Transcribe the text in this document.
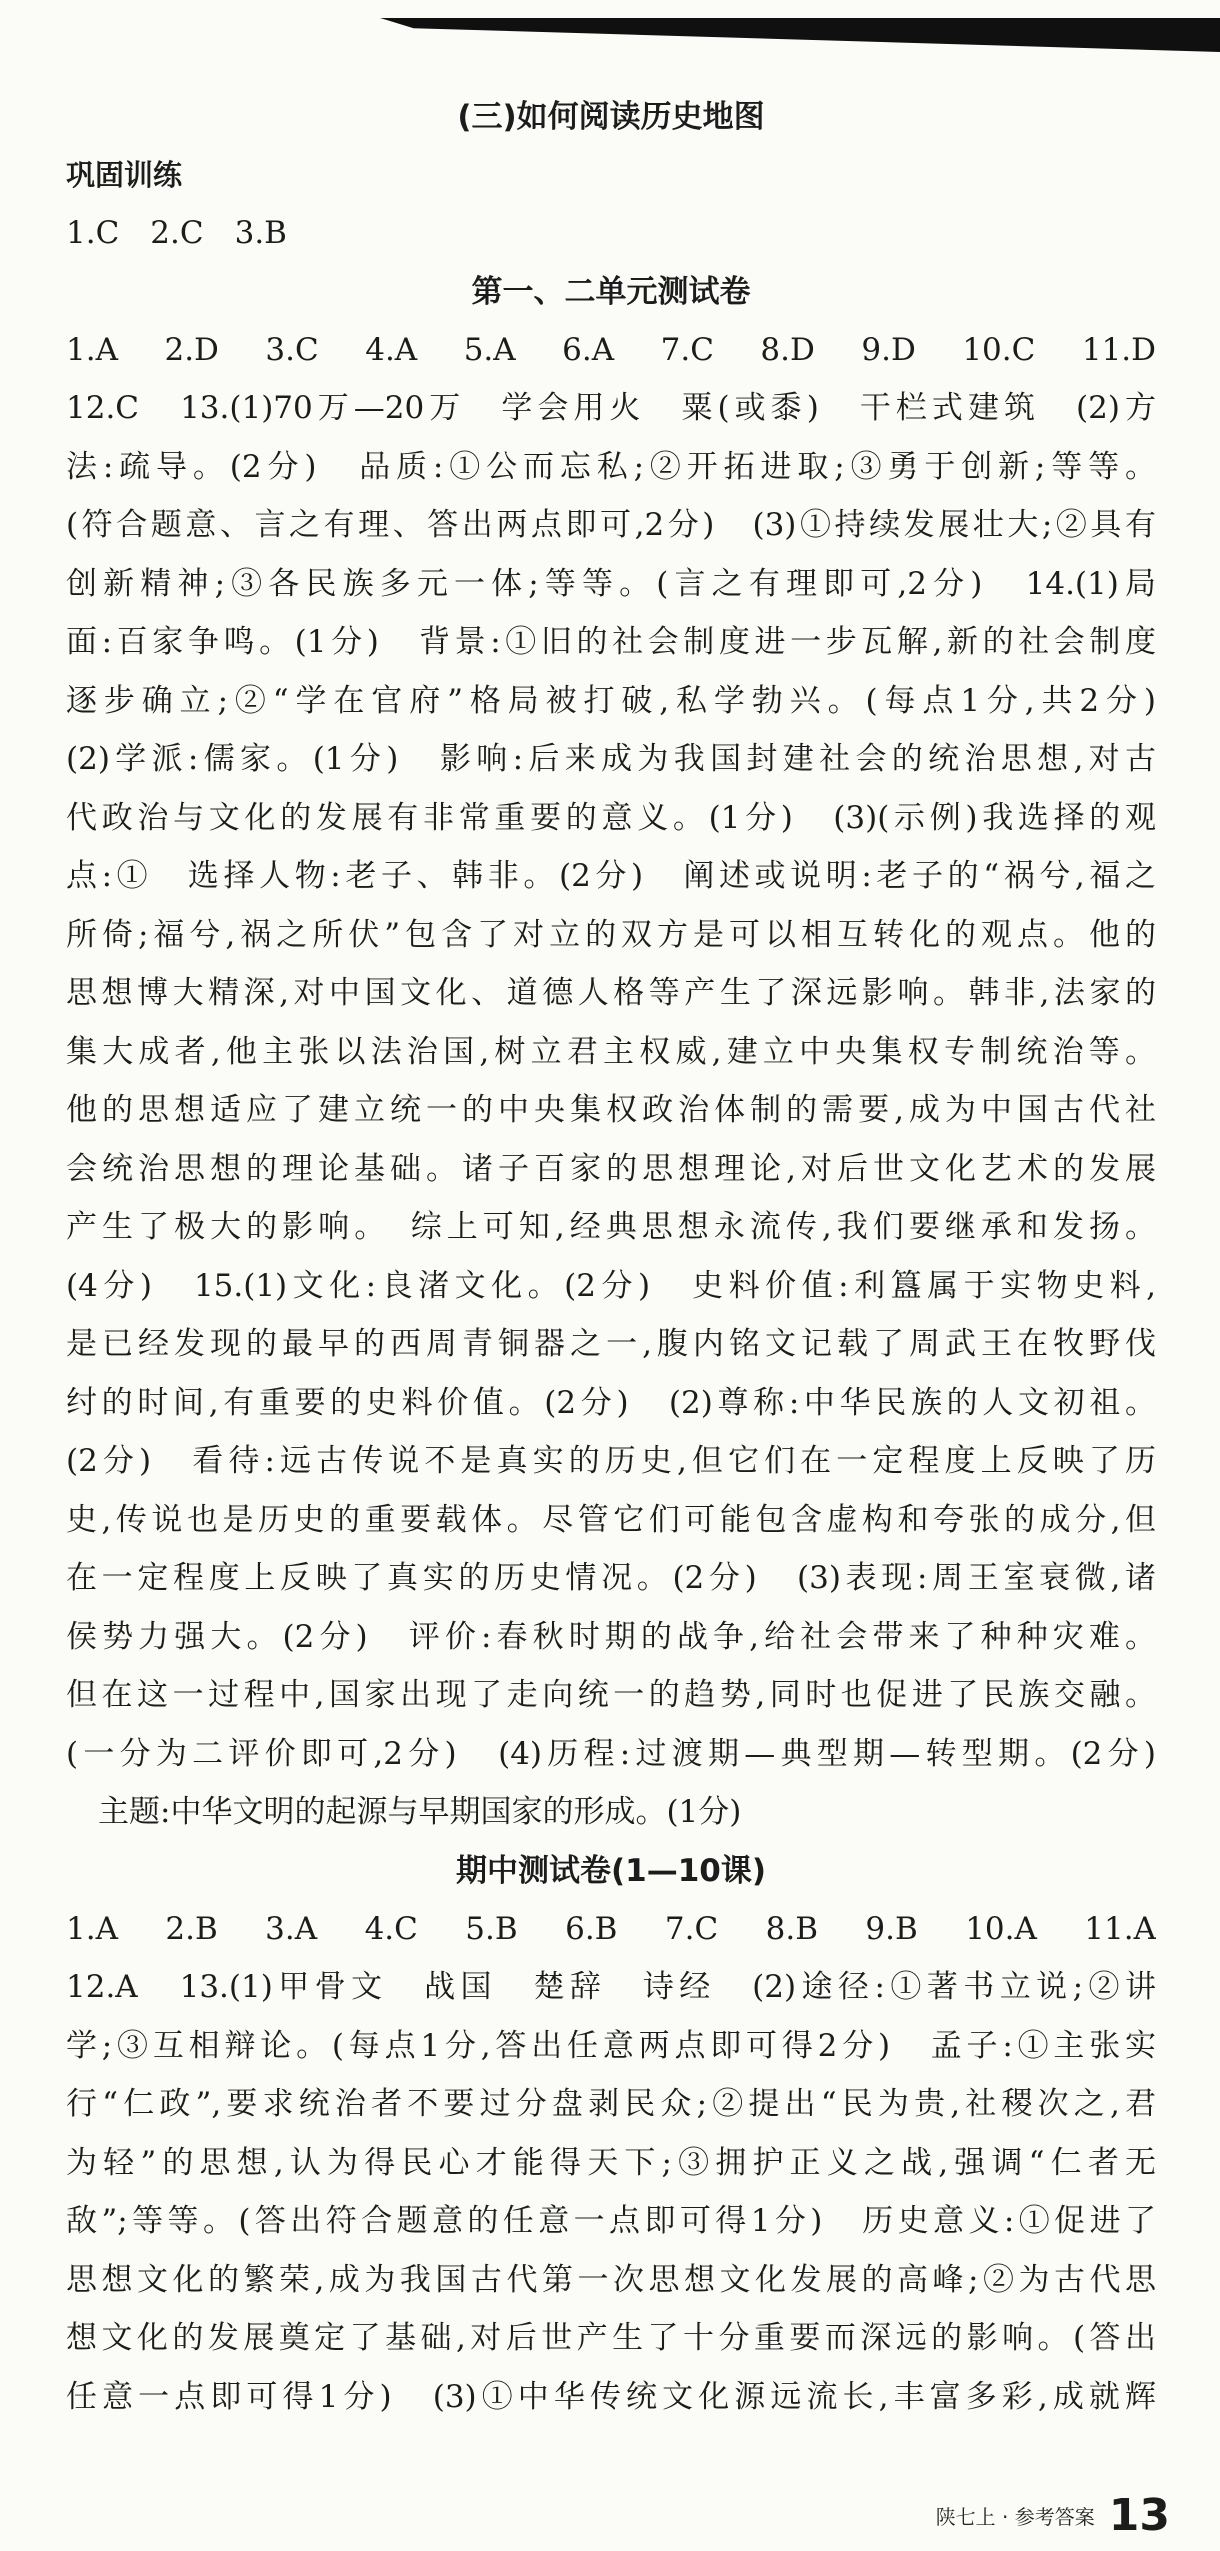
(三)如何阅读历史地图
巩固训练
1.C　2.C　3.B
第一、二单元测试卷
1.A　2.D　3.C　4.A　5.A　6.A　7.C　8.D　9.D　10.C　11.D
12.C　13.(1)70万—20万　学会用火　粟(或黍)　干栏式建筑　(2)方
法:疏导。(2分)　品质:①公而忘私;②开拓进取;③勇于创新;等等。
(符合题意、言之有理、答出两点即可,2分)　(3)①持续发展壮大;②具有
创新精神;③各民族多元一体;等等。(言之有理即可,2分)　14.(1)局
面:百家争鸣。(1分)　背景:①旧的社会制度进一步瓦解,新的社会制度
逐步确立;②“学在官府”格局被打破,私学勃兴。(每点1分,共2分)
(2)学派:儒家。(1分)　影响:后来成为我国封建社会的统治思想,对古
代政治与文化的发展有非常重要的意义。(1分)　(3)(示例)我选择的观
点:①　选择人物:老子、韩非。(2分)　阐述或说明:老子的“祸兮,福之
所倚;福兮,祸之所伏”包含了对立的双方是可以相互转化的观点。他的
思想博大精深,对中国文化、道德人格等产生了深远影响。韩非,法家的
集大成者,他主张以法治国,树立君主权威,建立中央集权专制统治等。
他的思想适应了建立统一的中央集权政治体制的需要,成为中国古代社
会统治思想的理论基础。诸子百家的思想理论,对后世文化艺术的发展
产生了极大的影响。　综上可知,经典思想永流传,我们要继承和发扬。
(4分)　15.(1)文化:良渚文化。(2分)　史料价值:利簋属于实物史料,
是已经发现的最早的西周青铜器之一,腹内铭文记载了周武王在牧野伐
纣的时间,有重要的史料价值。(2分)　(2)尊称:中华民族的人文初祖。
(2分)　看待:远古传说不是真实的历史,但它们在一定程度上反映了历
史,传说也是历史的重要载体。尽管它们可能包含虚构和夸张的成分,但
在一定程度上反映了真实的历史情况。(2分)　(3)表现:周王室衰微,诸
侯势力强大。(2分)　评价:春秋时期的战争,给社会带来了种种灾难。
但在这一过程中,国家出现了走向统一的趋势,同时也促进了民族交融。
(一分为二评价即可,2分)　(4)历程:过渡期—典型期—转型期。(2分)
主题:中华文明的起源与早期国家的形成。(1分)
期中测试卷(1—10课)
1.A　2.B　3.A　4.C　5.B　6.B　7.C　8.B　9.B　10.A　11.A
12.A　13.(1)甲骨文　战国　楚辞　诗经　(2)途径:①著书立说;②讲
学;③互相辩论。(每点1分,答出任意两点即可得2分)　孟子:①主张实
行“仁政”,要求统治者不要过分盘剥民众;②提出“民为贵,社稷次之,君
为轻”的思想,认为得民心才能得天下;③拥护正义之战,强调“仁者无
敌”;等等。(答出符合题意的任意一点即可得1分)　历史意义:①促进了
思想文化的繁荣,成为我国古代第一次思想文化发展的高峰;②为古代思
想文化的发展奠定了基础,对后世产生了十分重要而深远的影响。(答出
任意一点即可得1分)　(3)①中华传统文化源远流长,丰富多彩,成就辉
陕七上 · 参考答案 13
